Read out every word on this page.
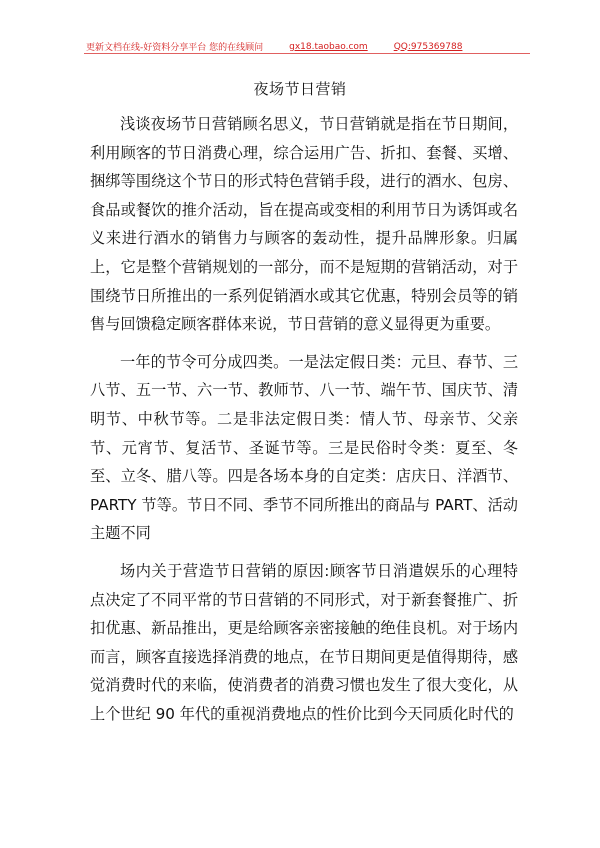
更新文档在线-好资料分享平台 您的在线顾问	gx18.taobao.com	QQ:975369788
夜场节日营销

浅谈夜场节日营销顾名思义，节日营销就是指在节日期间，利用顾客的节日消费心理，综合运用广告、折扣、套餐、买增、捆绑等围绕这个节日的形式特色营销手段，进行的酒水、包房、食品或餐饮的推介活动，旨在提高或变相的利用节日为诱饵或名义来进行酒水的销售力与顾客的轰动性，提升品牌形象。归属上，它是整个营销规划的一部分，而不是短期的营销活动，对于围绕节日所推出的一系列促销酒水或其它优惠，特别会员等的销售与回馈稳定顾客群体来说，节日营销的意义显得更为重要。

一年的节令可分成四类。一是法定假日类：元旦、春节、三八节、五一节、六一节、教师节、八一节、端午节、国庆节、清明节、中秋节等。二是非法定假日类：情人节、母亲节、父亲节、元宵节、复活节、圣诞节等。三是民俗时令类：夏至、冬至、立冬、腊八等。四是各场本身的自定类：店庆日、洋酒节、PARTY 节等。节日不同、季节不同所推出的商品与 PART、活动主题不同

场内关于营造节日营销的原因:顾客节日消遣娱乐的心理特点决定了不同平常的节日营销的不同形式，对于新套餐推广、折扣优惠、新品推出，更是给顾客亲密接触的绝佳良机。对于场内而言，顾客直接选择消费的地点，在节日期间更是值得期待，感觉消费时代的来临，使消费者的消费习惯也发生了很大变化，从上个世纪 90 年代的重视消费地点的性价比到今天同质化时代的
